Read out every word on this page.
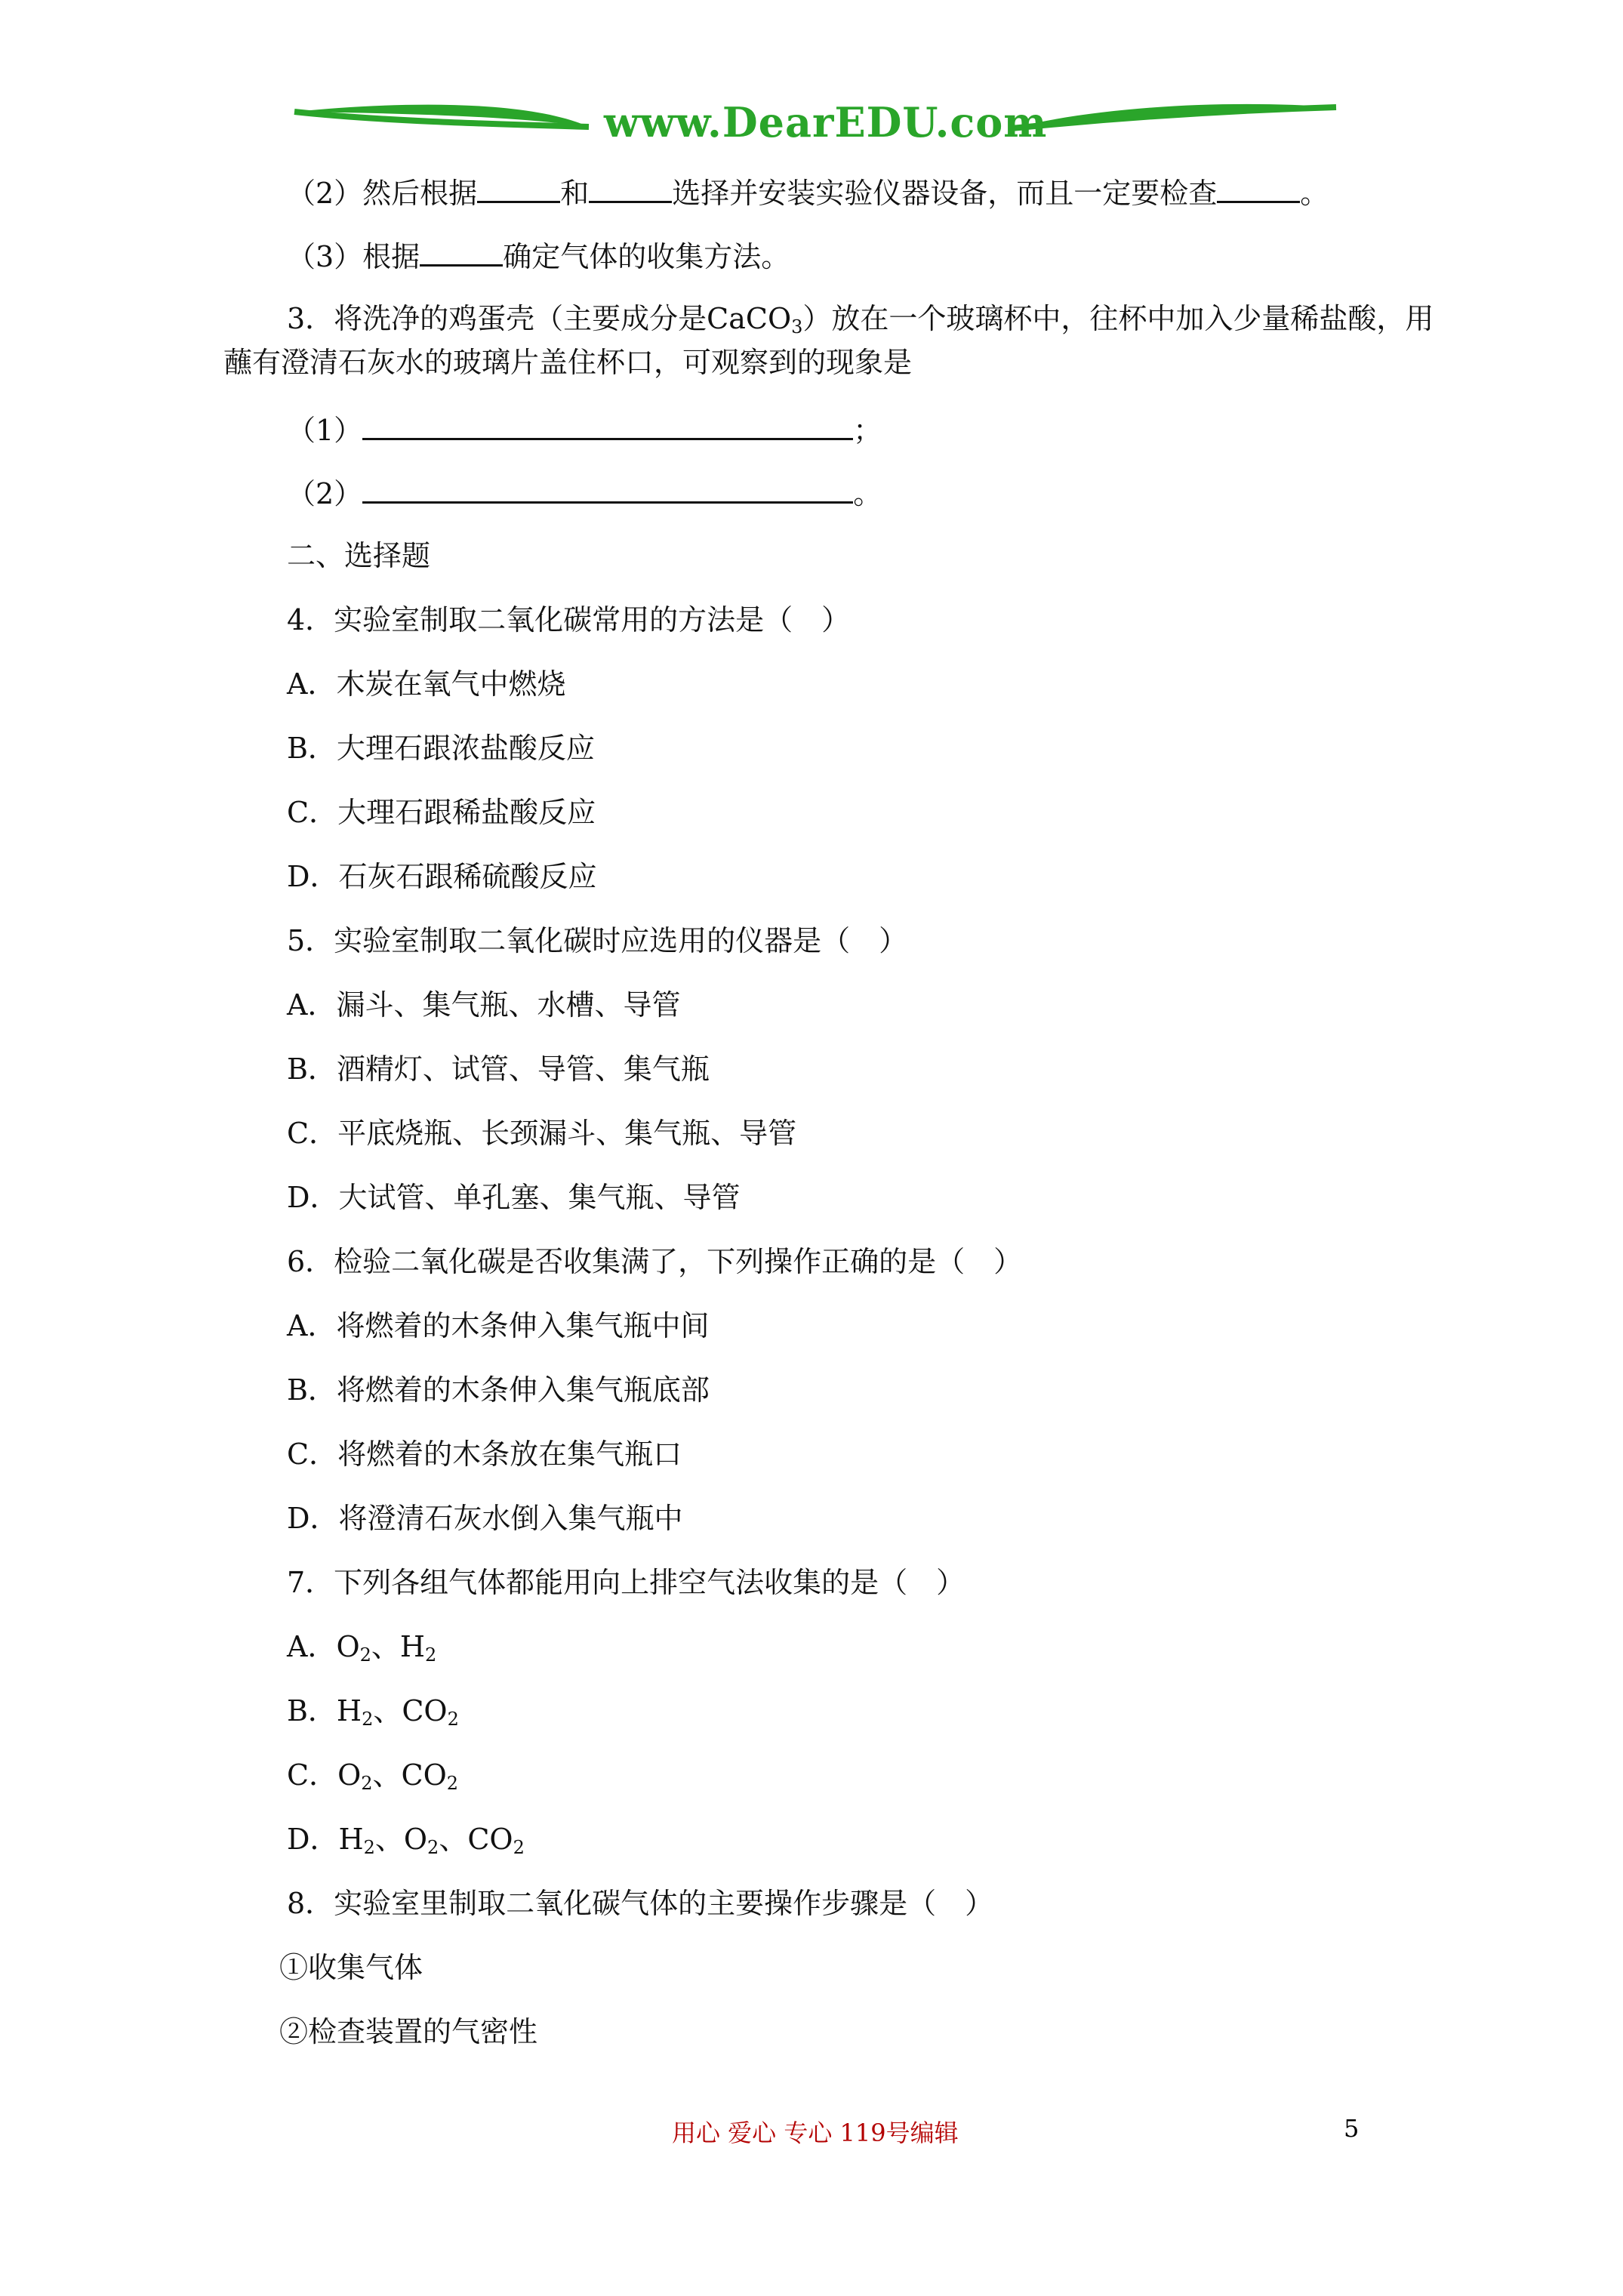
www.DearEDU.com
（2）然后根据	和	选择并安装实验仪器设备，而且一定要检查	。
（3）根据	确定气体的收集方法。
3．将洗净的鸡蛋壳（主要成分是CaCO$_3$）放在一个玻璃杯中，往杯中加入少量稀盐酸，用
蘸有澄清石灰水的玻璃片盖住杯口，可观察到的现象是
（1）	；
（2）	。
二、选择题
4．实验室制取二氧化碳常用的方法是（　）
A．木炭在氧气中燃烧
B．大理石跟浓盐酸反应
C．大理石跟稀盐酸反应
D．石灰石跟稀硫酸反应
5．实验室制取二氧化碳时应选用的仪器是（　）
A．漏斗、集气瓶、水槽、导管
B．酒精灯、试管、导管、集气瓶
C．平底烧瓶、长颈漏斗、集气瓶、导管
D．大试管、单孔塞、集气瓶、导管
6．检验二氧化碳是否收集满了，下列操作正确的是（　）
A．将燃着的木条伸入集气瓶中间
B．将燃着的木条伸入集气瓶底部
C．将燃着的木条放在集气瓶口
D．将澄清石灰水倒入集气瓶中
7．下列各组气体都能用向上排空气法收集的是（　）
A．$O_2$、$H_2$
B．$H_2$、$CO_2$
C．$O_2$、$CO_2$
D．$H_2$、$O_2$、$CO_2$
8．实验室里制取二氧化碳气体的主要操作步骤是（　）
①收集气体
②检查装置的气密性
用心 爱心 专心 119号编辑	5
